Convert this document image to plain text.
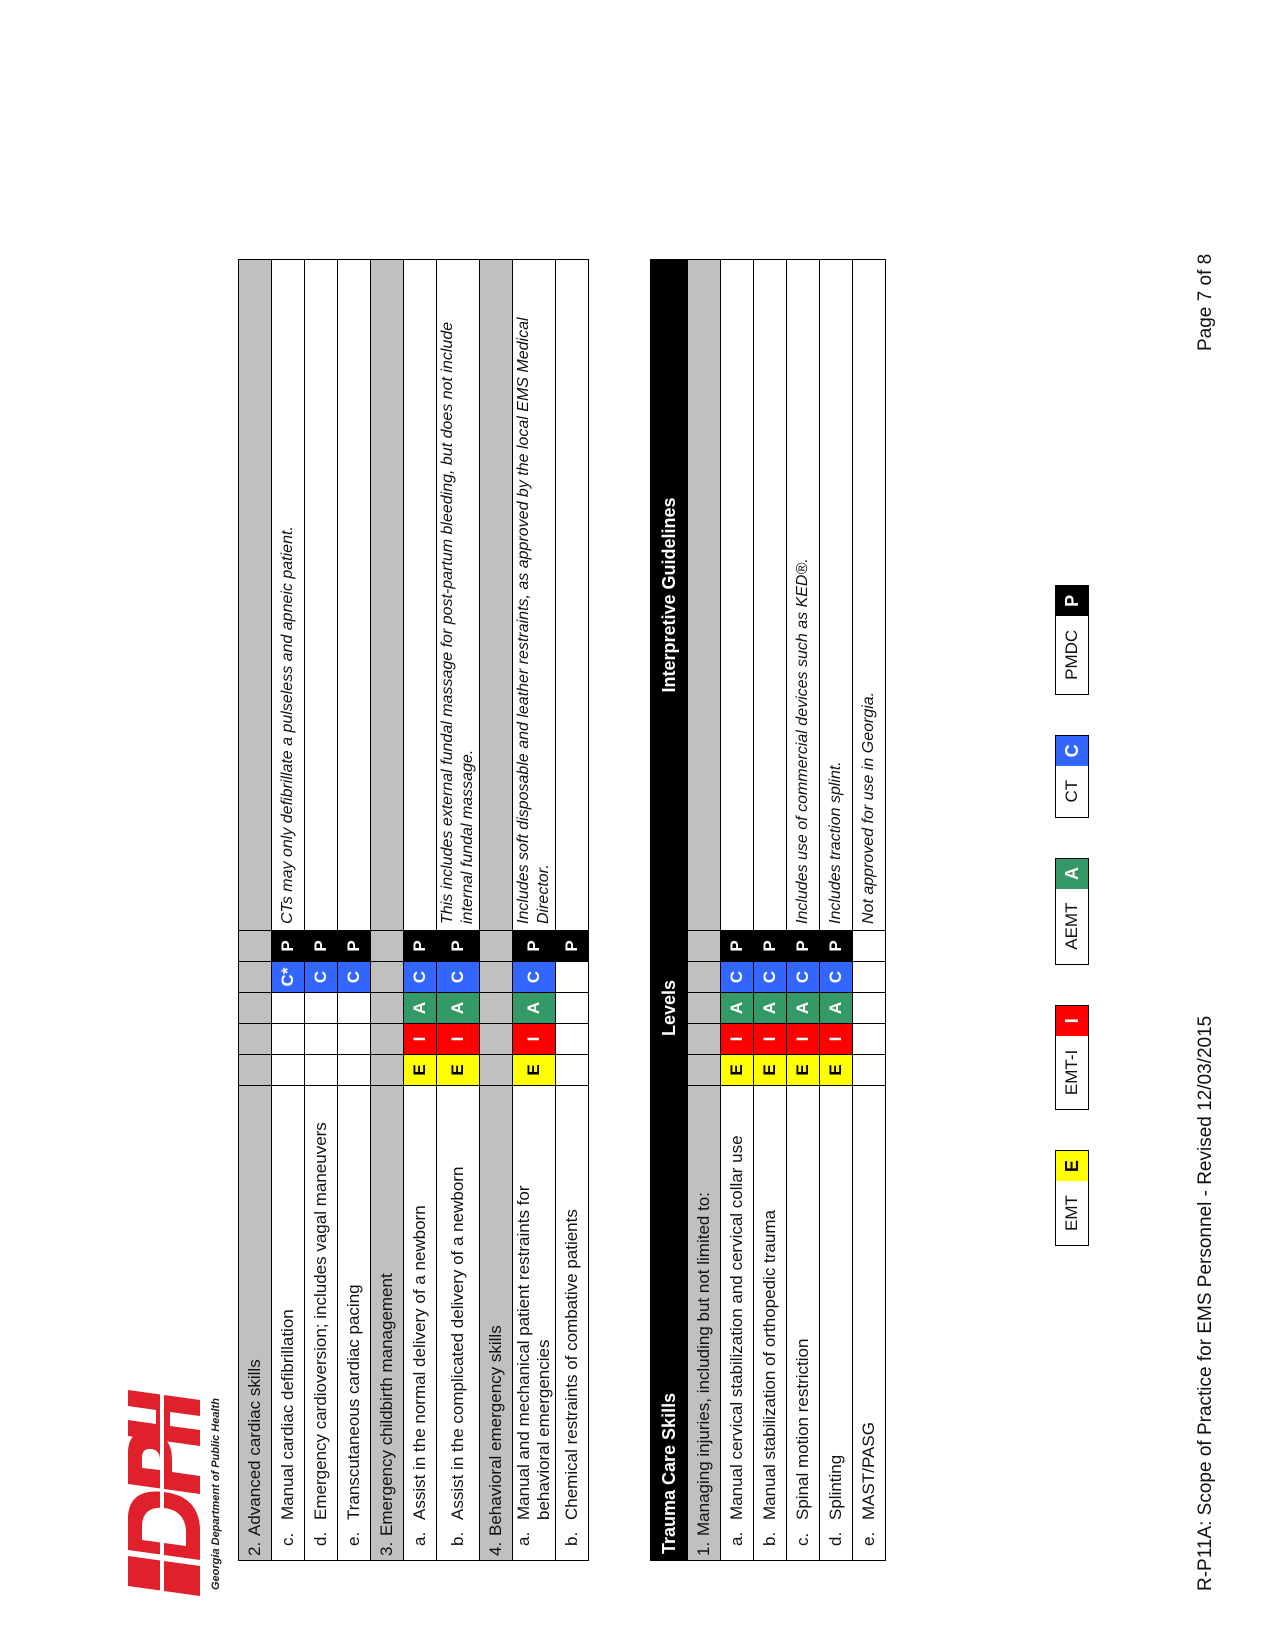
Georgia Department of Public Health 2.Advanced cardiac skills						
c.Manual cardiac defibrillation				C*	P	CTs may only defibrillate a pulseless and apneic patient.
d.Emergency cardioversion; includes vagal maneuvers				C	P	
e.Transcutaneous cardiac pacing				C	P	
3.Emergency childbirth management						
a.Assist in the normal delivery of a newborn	E	I	A	C	P	
b.Assist in the complicated delivery of a newborn	E	I	A	C	P	This includes external fundal massage for post-partum bleeding, but does not include internal fundal massage.
4.Behavioral emergency skills						
a.Manual and mechanical patient restraints for behavioral emergencies	E	I	A	C	P	Includes soft disposable and leather restraints, as approved by the local EMS Medical Director.
b.Chemical restraints of combative patients					P	
Trauma Care Skills	Levels					Interpretive Guidelines
1.Managing injuries, including but not limited to:						
a.Manual cervical stabilization and cervical collar use	E	I	A	C	P	
b.Manual stabilization of orthopedic trauma	E	I	A	C	P	
c.Spinal motion restriction	E	I	A	C	P	Includes use of commercial devices such as KED®.
d.Splinting	E	I	A	C	P	Includes traction splint.
e.MAST/PASG						Not approved for use in Georgia.
EMT
E
EMT-I
I
AEMT
A
CT
C
PMDC
P
R-P11A: Scope of Practice for EMS Personnel - Revised 12/03/2015
Page 7 of 8
